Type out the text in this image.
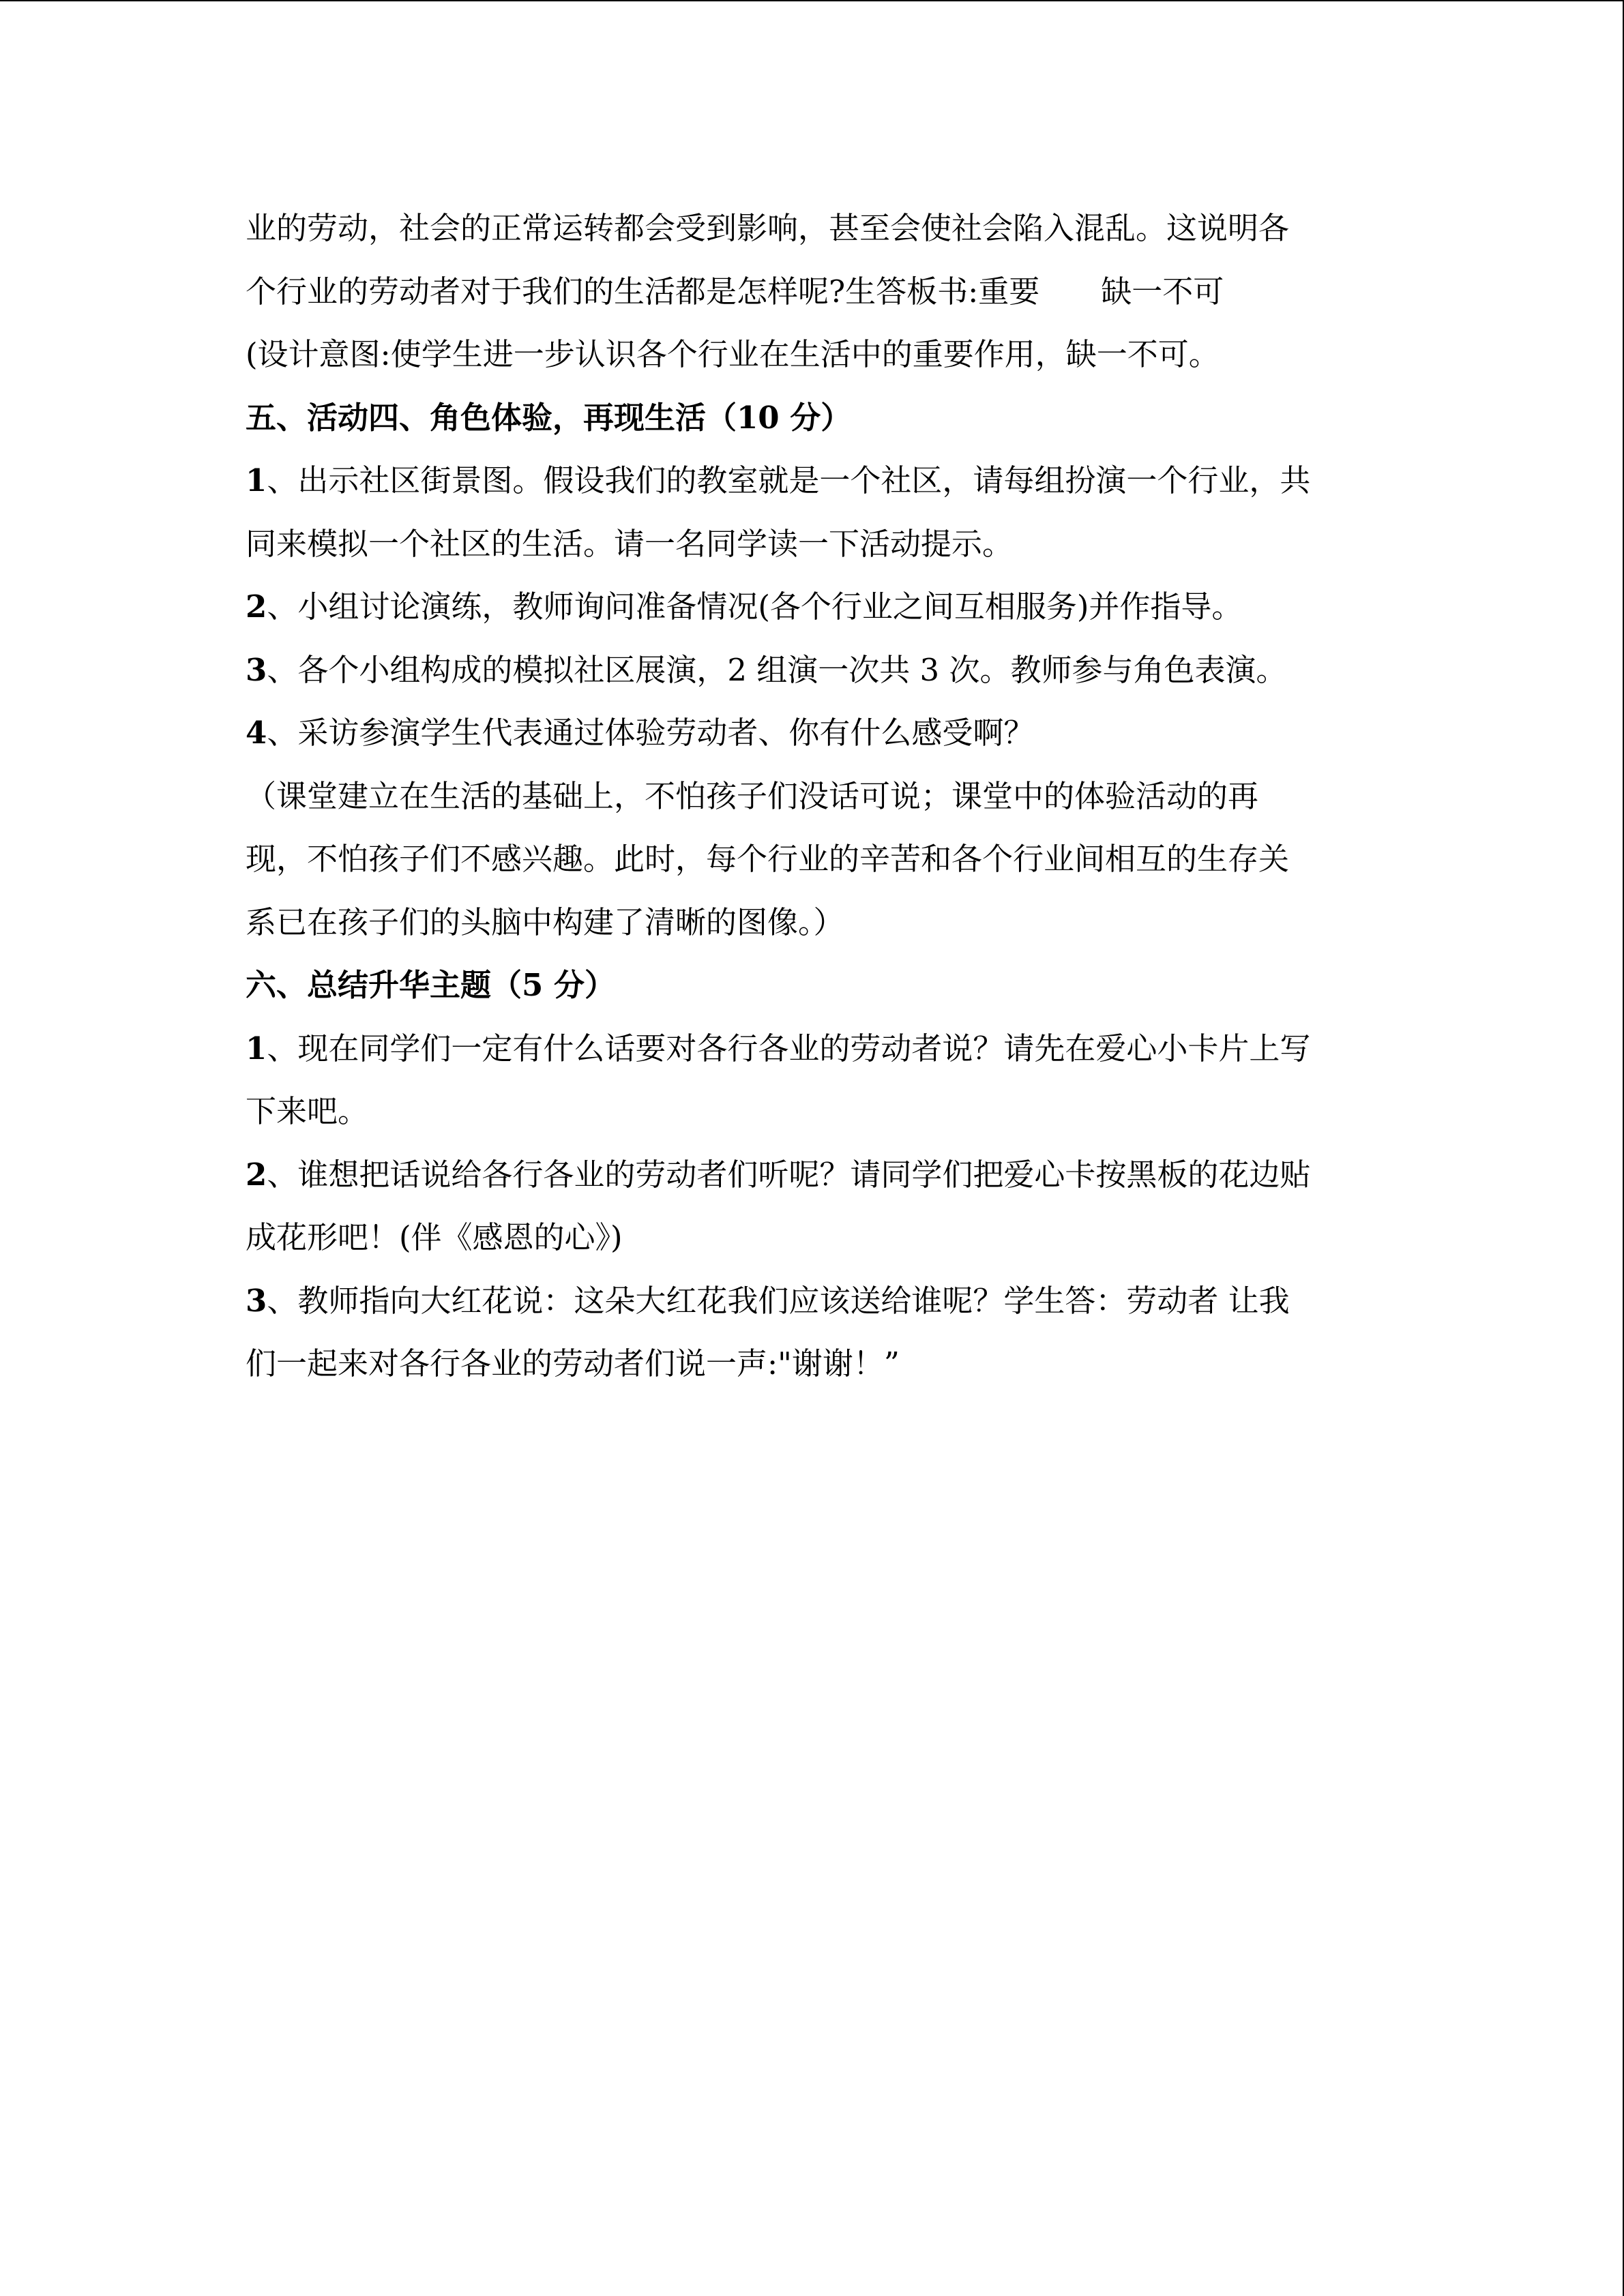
业的劳动，社会的正常运转都会受到影响，甚至会使社会陷入混乱。这说明各
个行业的劳动者对于我们的生活都是怎样呢?生答板书:重要　　缺一不可
(设计意图:使学生进一步认识各个行业在生活中的重要作用，缺一不可。
五、活动四、角色体验，再现生活（10 分）
1、出示社区街景图。假设我们的教室就是一个社区，请每组扮演一个行业，共
同来模拟一个社区的生活。请一名同学读一下活动提示。
2、小组讨论演练，教师询问准备情况(各个行业之间互相服务)并作指导。
3、各个小组构成的模拟社区展演，2 组演一次共 3 次。教师参与角色表演。
4、采访参演学生代表通过体验劳动者、你有什么感受啊？
（课堂建立在生活的基础上，不怕孩子们没话可说；课堂中的体验活动的再
现，不怕孩子们不感兴趣。此时，每个行业的辛苦和各个行业间相互的生存关
系已在孩子们的头脑中构建了清晰的图像。）
六、总结升华主题（5 分）
1、现在同学们一定有什么话要对各行各业的劳动者说？请先在爱心小卡片上写
下来吧。
2、谁想把话说给各行各业的劳动者们听呢？请同学们把爱心卡按黑板的花边贴
成花形吧！(伴《感恩的心》)
3、教师指向大红花说：这朵大红花我们应该送给谁呢？学生答：劳动者 让我
们一起来对各行各业的劳动者们说一声:"谢谢！”
